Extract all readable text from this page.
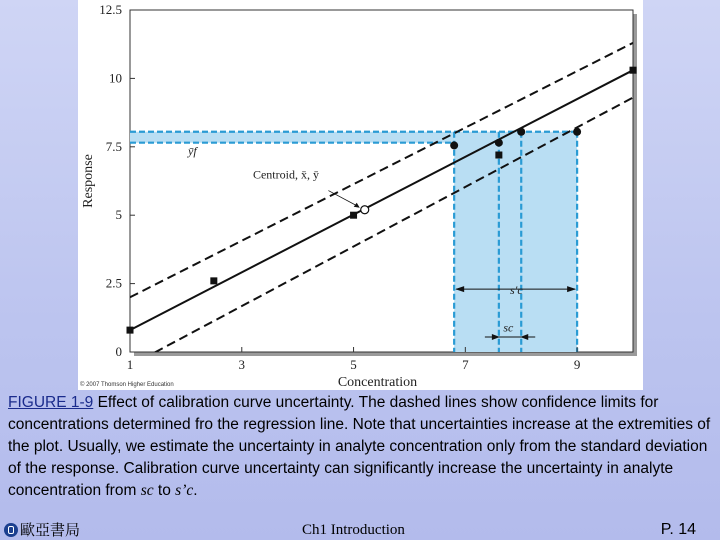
1	3	5	7	9
0
2.5
5
7.5
10
12.5
Concentration
Response	Centroid, x̄, ȳ
ȳf
s′c
sc
© 2007 Thomson Higher Education
FIGURE 1-9 Effect of calibration curve uncertainty. The dashed lines show confidence limits for concentrations determined fro the regression line. Note that uncertainties increase at the extremities of the plot. Usually, we estimate the uncertainty in analyte concentration only from the standard deviation of the response. Calibration curve uncertainty can significantly increase the uncertainty in analyte concentration from sc to s’c.
歐亞書局	Ch1 Introduction	P. 14
